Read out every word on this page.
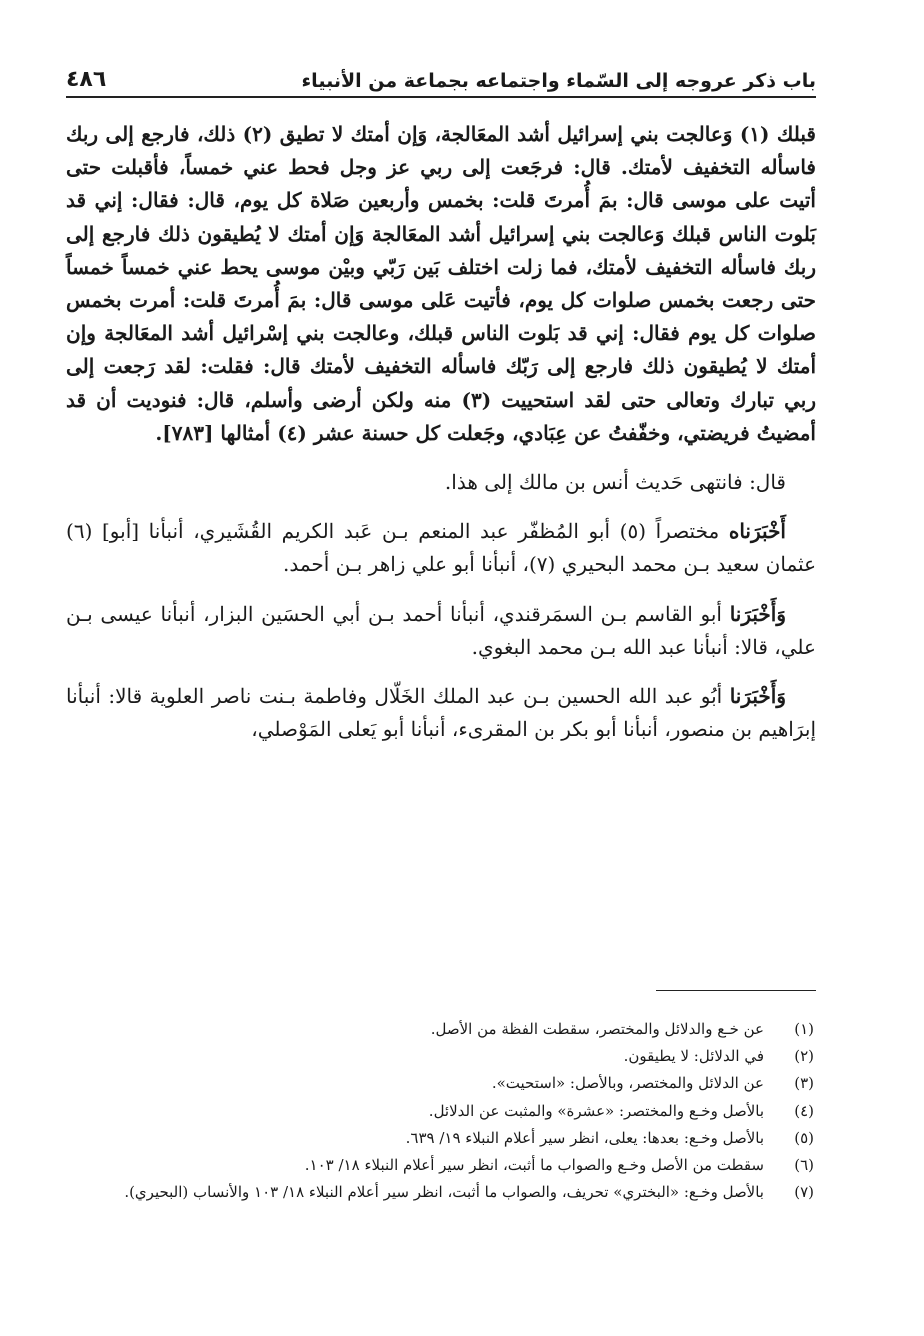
باب ذكر عروجه إلى السّماء واجتماعه بجماعة من الأنبياء
٤٨٦

قبلك (١) وَعالجت بني إسرائيل أشد المعَالجة، وَإن أمتك لا تطيق (٢) ذلك، فارجع إلى ربك فاسأله التخفيف لأمتك. قال: فرجَعت إلى ربي عز وجل فحط عني خمساً، فأقبلت حتى أتيت على موسى قال: بمَ أُمرتَ قلت: بخمس وأربعين صَلاة كل يوم، قال: فقال: إني قد بَلوت الناس قبلك وَعالجت بني إسرائيل أشد المعَالجة وَإن أمتك لا يُطيقون ذلك فارجع إلى ربك فاسأله التخفيف لأمتك، فما زلت اختلف بَين رَبّي وبيْن موسى يحط عني خمساً خمساً حتى رجعت بخمس صلوات كل يوم، فأتيت عَلى موسى قال: بمَ أُمرتَ قلت: أمرت بخمس صلوات كل يوم فقال: إني قد بَلوت الناس قبلك، وعالجت بني إسْرائيل أشد المعَالجة وإن أمتك لا يُطيقون ذلك فارجع إلى رَبّك فاسأله التخفيف لأمتك قال: فقلت: لقد رَجعت إلى ربي تبارك وتعالى حتى لقد استحييت (٣) منه ولكن أرضى وأسلم، قال: فنوديت أن قد أمضيتُ فريضتي، وخفّفتُ عن عِبَادي، وجَعلت كل حسنة عشر (٤) أمثالها [٧٨٣].

قال: فانتهى حَديث أنس بن مالك إلى هذا.

أَخْبَرَناه مختصراً (٥) أبو المُظفّر عبد المنعم بـن عَبد الكريم القُشَيري، أنبأنا [أبو] (٦) عثمان سعيد بـن محمد البحيري (٧)، أنبأنا أبو علي زاهر بـن أحمد.

وَأَخْبَرَنا أبو القاسم بـن السمَرقندي، أنبأنا أحمد بـن أبي الحسَين البزار، أنبأنا عيسى بـن علي، قالا: أنبأنا عبد الله بـن محمد البغوي.

وَأَخْبَرَنا أبُو عبد الله الحسين بـن عبد الملك الخَلّال وفاطمة بـنت ناصر العلوية قالا: أنبأنا إبرَاهيم بن منصور، أنبأنا أبو بكر بن المقرىء، أنبأنا أبو يَعلى المَوْصلي،

(١)
عن خـع والدلائل والمختصر، سقطت الفظة من الأصل.
(٢)
في الدلائل: لا يطيقون.
(٣)
عن الدلائل والمختصر، وبالأصل: «استحيت».
(٤)
بالأصل وخـع والمختصر: «عشرة» والمثبت عن الدلائل.
(٥)
بالأصل وخـع: بعدها: يعلى، انظر سير أعلام النبلاء ١٩/ ٦٣٩.
(٦)
سقطت من الأصل وخـع والصواب ما أثبت، انظر سير أعلام النبلاء ١٨/ ١٠٣.
(٧)
بالأصل وخـع: «البختري» تحريف، والصواب ما أثبت، انظر سير أعلام النبلاء ١٨/ ١٠٣ والأنساب (البحيري).
